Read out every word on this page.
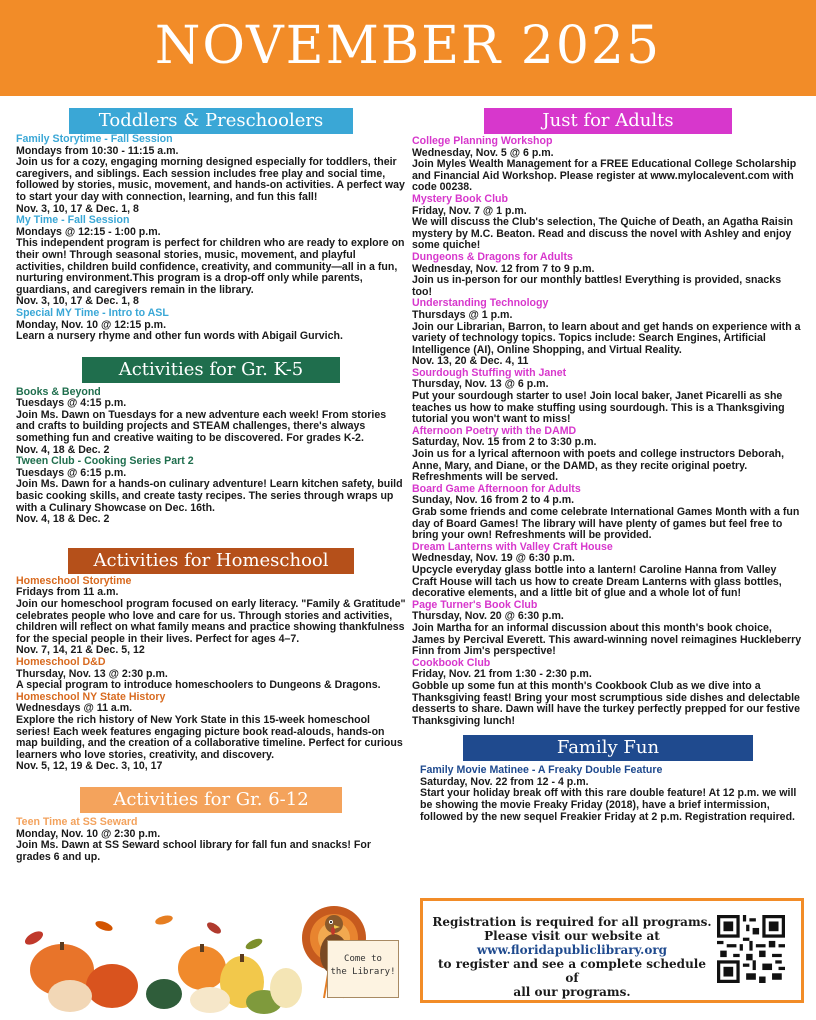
NOVEMBER 2025
Toddlers & Preschoolers
Family Storytime - Fall Session
Mondays from 10:30 - 11:15 a.m.
Join us for a cozy, engaging morning designed especially for toddlers, their caregivers, and siblings. Each session includes free play and social time, followed by stories, music, movement, and hands-on activities. A perfect way to start your day with connection, learning, and fun this fall!
Nov. 3, 10, 17 & Dec. 1, 8
My Time - Fall Session
Mondays @ 12:15 - 1:00 p.m.
This independent program is perfect for children who are ready to explore on their own! Through seasonal stories, music, movement, and playful activities, children build confidence, creativity, and community—all in a fun, nurturing environment.This program is a drop-off only while parents, guardians, and caregivers remain in the library.
Nov. 3, 10, 17 & Dec. 1, 8
Special MY Time - Intro to ASL
Monday, Nov. 10 @ 12:15 p.m.
Learn a nursery rhyme and other fun words with Abigail Gurvich.
Activities for Gr. K-5
Books & Beyond
Tuesdays @ 4:15 p.m.
Join Ms. Dawn on Tuesdays for a new adventure each week! From stories and crafts to building projects and STEAM challenges, there's always something fun and creative waiting to be discovered. For grades K-2.
Nov. 4, 18 & Dec. 2
Tween Club - Cooking Series Part 2
Tuesdays @ 6:15 p.m.
Join Ms. Dawn for a hands-on culinary adventure! Learn kitchen safety, build basic cooking skills, and create tasty recipes. The series through wraps up with a Culinary Showcase on Dec. 16th.
Nov. 4, 18 & Dec. 2
Activities for Homeschool
Homeschool Storytime
Fridays from 11 a.m.
Join our homeschool program focused on early literacy. "Family & Gratitude" celebrates people who love and care for us. Through stories and activities, children will reflect on what family means and practice showing thankfulness for the special people in their lives. Perfect for ages 4–7.
Nov. 7, 14, 21 & Dec. 5, 12
Homeschool D&D
Thursday, Nov. 13 @ 2:30 p.m.
A special program to introduce homeschoolers to Dungeons & Dragons.
Homeschool NY State History
Wednesdays @ 11 a.m.
Explore the rich history of New York State in this 15-week homeschool series! Each week features engaging picture book read-alouds, hands-on map building, and the creation of a collaborative timeline. Perfect for curious learners who love stories, creativity, and discovery.
Nov. 5, 12, 19 & Dec. 3, 10, 17
Activities for Gr. 6-12
Teen Time at SS Seward
Monday, Nov. 10 @ 2:30 p.m.
Join Ms. Dawn at SS Seward school library for fall fun and snacks! For grades 6 and up.
Just for Adults
College Planning Workshop
Wednesday, Nov. 5 @ 6 p.m.
Join Myles Wealth Management for a FREE Educational College Scholarship and Financial Aid Workshop. Please register at www.mylocalevent.com with code 00238.
Mystery Book Club
Friday, Nov. 7 @ 1 p.m.
We will discuss the Club's selection, The Quiche of Death, an Agatha Raisin mystery by M.C. Beaton. Read and discuss the novel with Ashley and enjoy some quiche!
Dungeons & Dragons for Adults
Wednesday, Nov. 12 from 7 to 9 p.m.
Join us in-person for our monthly battles! Everything is provided, snacks too!
Understanding Technology
Thursdays @ 1 p.m.
Join our Librarian, Barron, to learn about and get hands on experience with a variety of technology topics. Topics include: Search Engines, Artificial Intelligence (AI), Online Shopping, and Virtual Reality.
Nov. 13, 20 & Dec. 4, 11
Sourdough Stuffing with Janet
Thursday, Nov. 13 @ 6 p.m.
Put your sourdough starter to use! Join local baker, Janet Picarelli as she teaches us how to make stuffing using sourdough. This is a Thanksgiving tutorial you won't want to miss!
Afternoon Poetry with the DAMD
Saturday, Nov. 15 from 2 to 3:30 p.m.
Join us for a lyrical afternoon with poets and college instructors Deborah, Anne, Mary, and Diane, or the DAMD, as they recite original poetry. Refreshments will be served.
Board Game Afternoon for Adults
Sunday, Nov. 16 from 2 to 4 p.m.
Grab some friends and come celebrate International Games Month with a fun day of Board Games! The library will have plenty of games but feel free to bring your own! Refreshments will be provided.
Dream Lanterns with Valley Craft House
Wednesday, Nov. 19 @ 6:30 p.m.
Upcycle everyday glass bottle into a lantern! Caroline Hanna from Valley Craft House will tach us how to create Dream Lanterns with glass bottles, decorative elements, and a little bit of glue and a whole lot of fun!
Page Turner's Book Club
Thursday, Nov. 20 @ 6:30 p.m.
Join Martha for an informal discussion about this month's book choice, James by Percival Everett. This award-winning novel reimagines Huckleberry Finn from Jim's perspective!
Cookbook Club
Friday, Nov. 21 from 1:30 - 2:30 p.m.
Gobble up some fun at this month's Cookbook Club as we dive into a Thanksgiving feast! Bring your most scrumptious side dishes and delectable desserts to share. Dawn will have the turkey perfectly prepped for our festive Thanksgiving lunch!
Family Fun
Family Movie Matinee - A Freaky Double Feature
Saturday, Nov. 22 from 12 - 4 p.m.
Start your holiday break off with this rare double feature! At 12 p.m. we will be showing the movie Freaky Friday (2018), have a brief intermission, followed by the new sequel Freakier Friday at 2 p.m. Registration required.
Come to
the Library!
Registration is required for all programs.
Please visit our website at
www.floridapubliclibrary.org
to register and see a complete schedule of
all our programs.
